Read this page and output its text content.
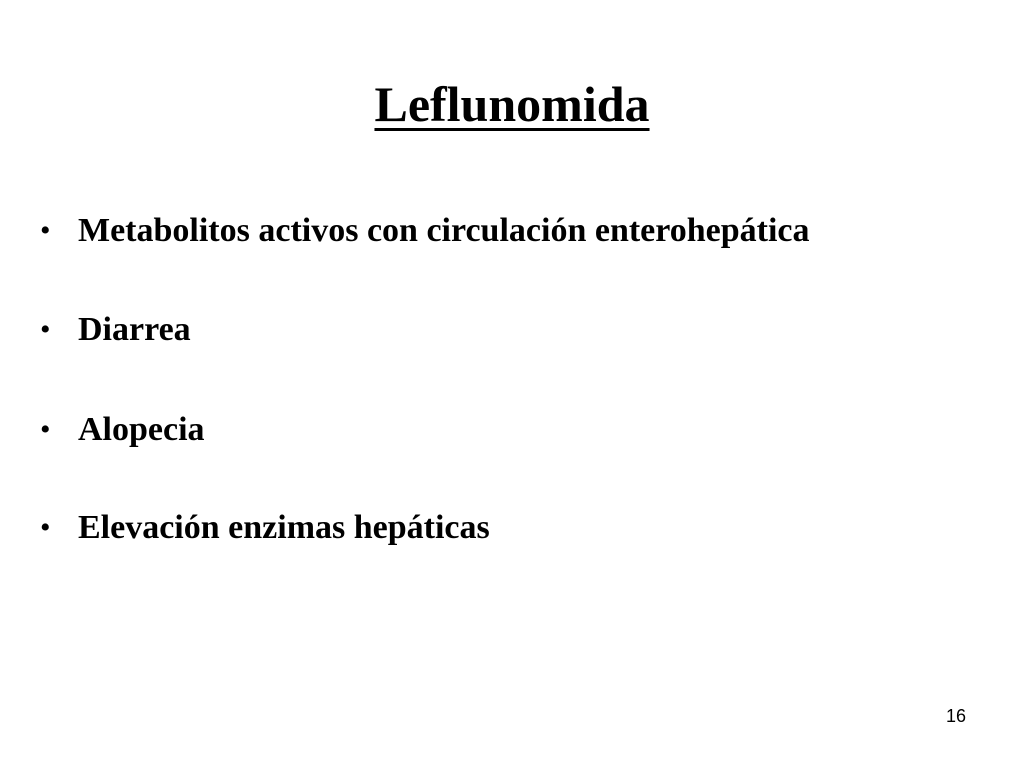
Leflunomida
• Metabolitos activos con circulación enterohepática
• Diarrea
• Alopecia
• Elevación enzimas hepáticas
16
